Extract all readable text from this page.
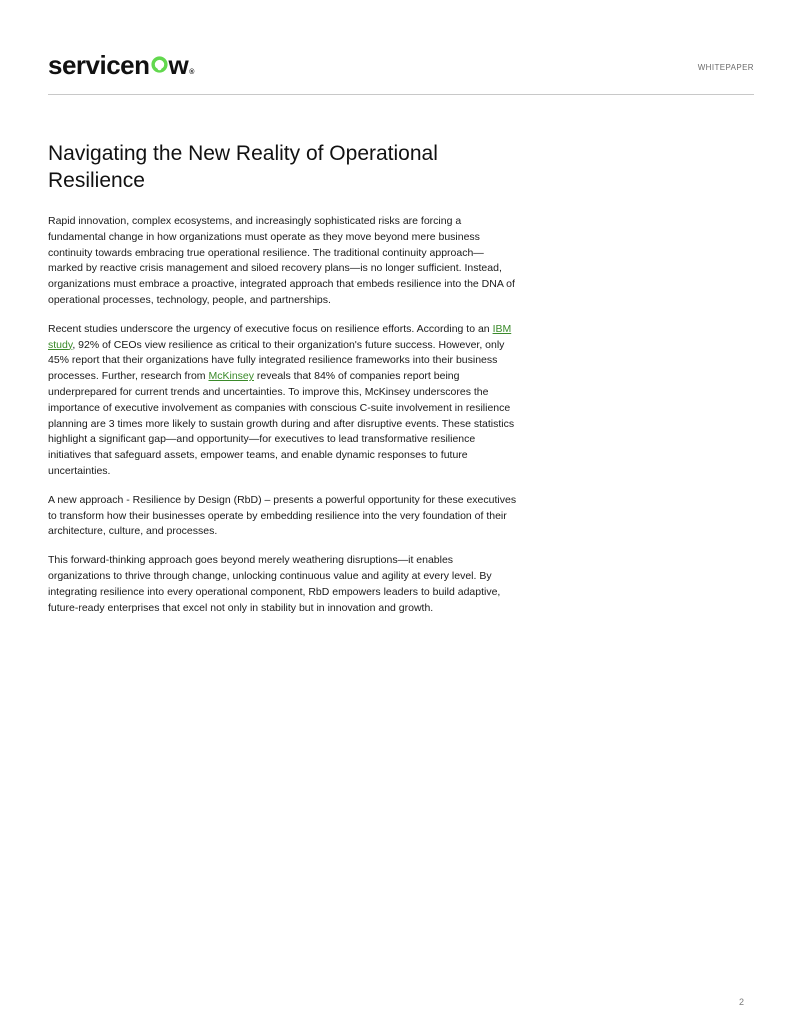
servicen w ®
WHITEPAPER
Navigating the New Reality of Operational Resilience

Rapid innovation, complex ecosystems, and increasingly sophisticated risks are forcing a fundamental change in how organizations must operate as they move beyond mere business continuity towards embracing true operational resilience. The traditional continuity approach—marked by reactive crisis management and siloed recovery plans—is no longer sufficient. Instead, organizations must embrace a proactive, integrated approach that embeds resilience into the DNA of operational processes, technology, people, and partnerships.

Recent studies underscore the urgency of executive focus on resilience efforts. According to an IBM study, 92% of CEOs view resilience as critical to their organization's future success. However, only 45% report that their organizations have fully integrated resilience frameworks into their business processes. Further, research from McKinsey reveals that 84% of companies report being underprepared for current trends and uncertainties. To improve this, McKinsey underscores the importance of executive involvement as companies with conscious C-suite involvement in resilience planning are 3 times more likely to sustain growth during and after disruptive events. These statistics highlight a significant gap—and opportunity—for executives to lead transformative resilience initiatives that safeguard assets, empower teams, and enable dynamic responses to future uncertainties.

A new approach - Resilience by Design (RbD) – presents a powerful opportunity for these executives to transform how their businesses operate by embedding resilience into the very foundation of their architecture, culture, and processes.

This forward-thinking approach goes beyond merely weathering disruptions—it enables organizations to thrive through change, unlocking continuous value and agility at every level. By integrating resilience into every operational component, RbD empowers leaders to build adaptive, future-ready enterprises that excel not only in stability but in innovation and growth.

2
